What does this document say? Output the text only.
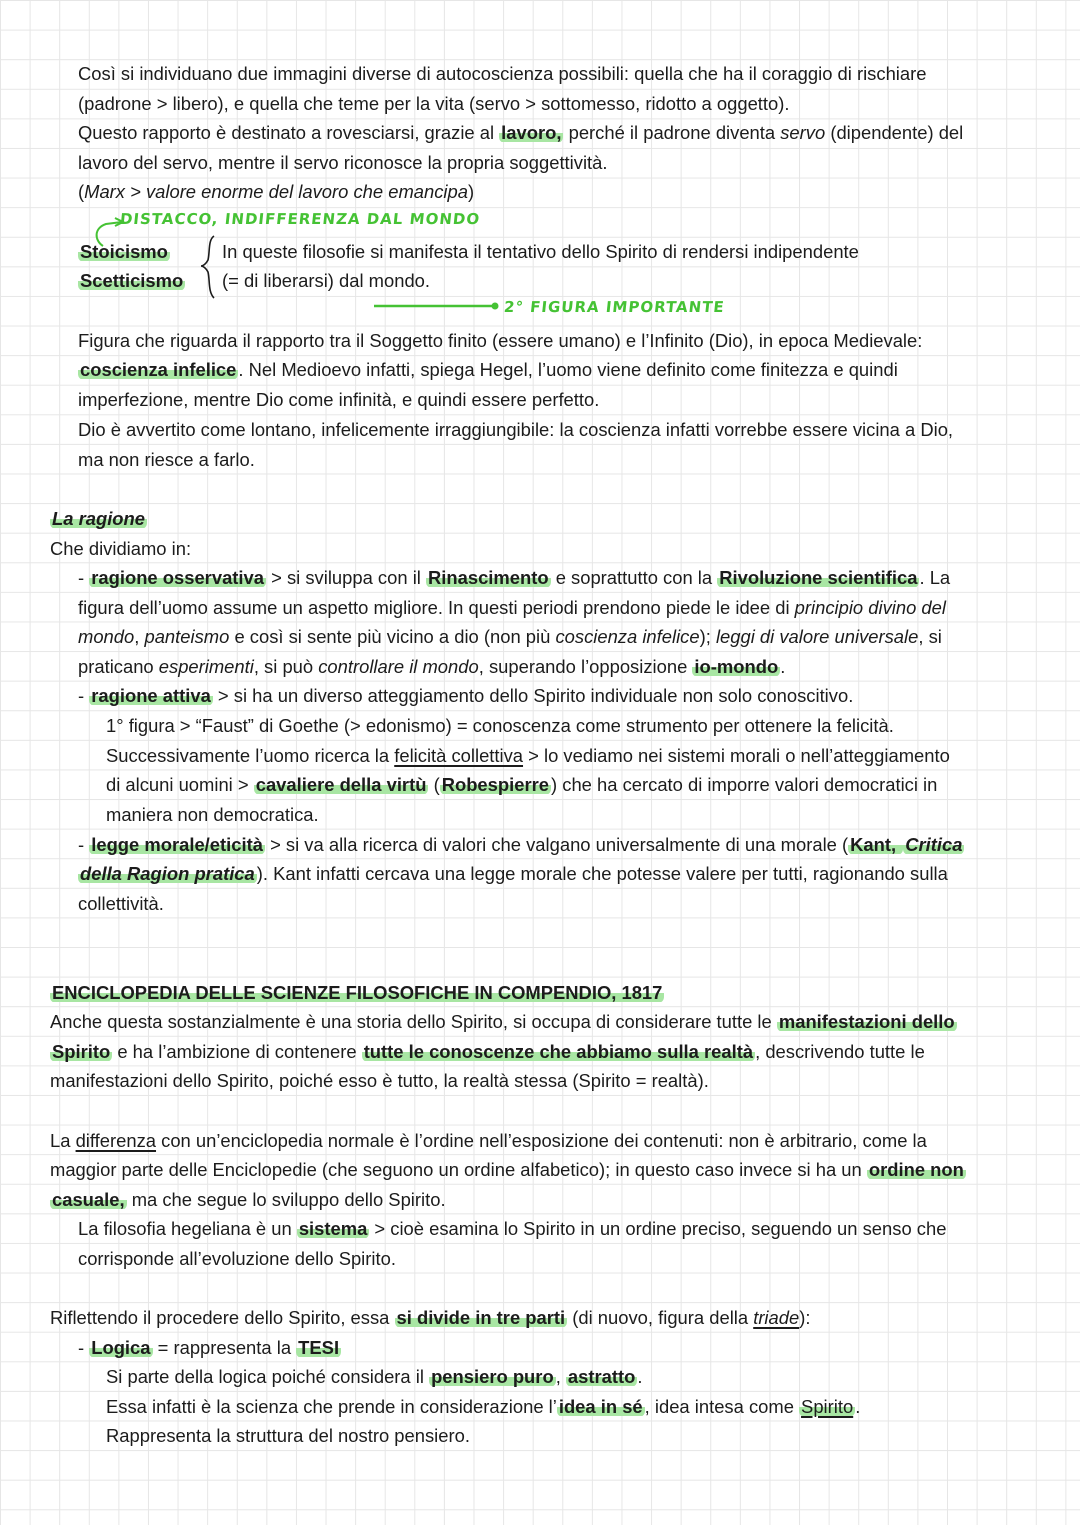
DISTACCO, INDIFFERENZA DAL MONDO
2° FIGURA IMPORTANTE
Così si individuano due immagini diverse di autocoscienza possibili: quella che ha il coraggio di rischiare
(padrone > libero), e quella che teme per la vita (servo > sottomesso, ridotto a oggetto).
Questo rapporto è destinato a rovesciarsi, grazie al lavoro, perché il padrone diventa servo (dipendente) del
lavoro del servo, mentre il servo riconosce la propria soggettività.
(Marx > valore enorme del lavoro che emancipa)
Stoicismo
Scetticismo
In queste filosofie si manifesta il tentativo dello Spirito di rendersi indipendente
(= di liberarsi) dal mondo.
Figura che riguarda il rapporto tra il Soggetto finito (essere umano) e l’Infinito (Dio), in epoca Medievale:
coscienza infelice . Nel Medioevo infatti, spiega Hegel, l’uomo viene definito come finitezza e quindi
imperfezione, mentre Dio come infinità, e quindi essere perfetto.
Dio è avvertito come lontano, infelicemente irraggiungibile: la coscienza infatti vorrebbe essere vicina a Dio,
ma non riesce a farlo.
La ragione
Che dividiamo in:
- ragione osservativa > si sviluppa con il Rinascimento e soprattutto con la Rivoluzione scientifica . La
figura dell’uomo assume un aspetto migliore. In questi periodi prendono piede le idee di principio divino del
mondo, panteismo e così si sente più vicino a dio (non più coscienza infelice); leggi di valore universale, si
praticano esperimenti, si può controllare il mondo, superando l’opposizione io-mondo .
- ragione attiva > si ha un diverso atteggiamento dello Spirito individuale non solo conoscitivo.
1° figura > “Faust” di Goethe (> edonismo) = conoscenza come strumento per ottenere la felicità.
Successivamente l’uomo ricerca la felicità collettiva > lo vediamo nei sistemi morali o nell’atteggiamento
di alcuni uomini > cavaliere della virtù ( Robespierre ) che ha cercato di imporre valori democratici in
maniera non democratica.
- legge morale/eticità > si va alla ricerca di valori che valgano universalmente di una morale ( Kant, Critica
della Ragion pratica ). Kant infatti cercava una legge morale che potesse valere per tutti, ragionando sulla
collettività.
ENCICLOPEDIA DELLE SCIENZE FILOSOFICHE IN COMPENDIO, 1817
Anche questa sostanzialmente è una storia dello Spirito, si occupa di considerare tutte le manifestazioni dello
Spirito e ha l’ambizione di contenere tutte le conoscenze che abbiamo sulla realtà , descrivendo tutte le
manifestazioni dello Spirito, poiché esso è tutto, la realtà stessa (Spirito = realtà).
La differenza con un’enciclopedia normale è l’ordine nell’esposizione dei contenuti: non è arbitrario, come la
maggior parte delle Enciclopedie (che seguono un ordine alfabetico); in questo caso invece si ha un ordine non
casuale, ma che segue lo sviluppo dello Spirito.
La filosofia hegeliana è un sistema > cioè esamina lo Spirito in un ordine preciso, seguendo un senso che
corrisponde all’evoluzione dello Spirito.
Riflettendo il procedere dello Spirito, essa si divide in tre parti (di nuovo, figura della triade):
- Logica = rappresenta la TESI
Si parte della logica poiché considera il pensiero puro , astratto .
Essa infatti è la scienza che prende in considerazione l’ idea in sé , idea intesa come Spirito .
Rappresenta la struttura del nostro pensiero.
